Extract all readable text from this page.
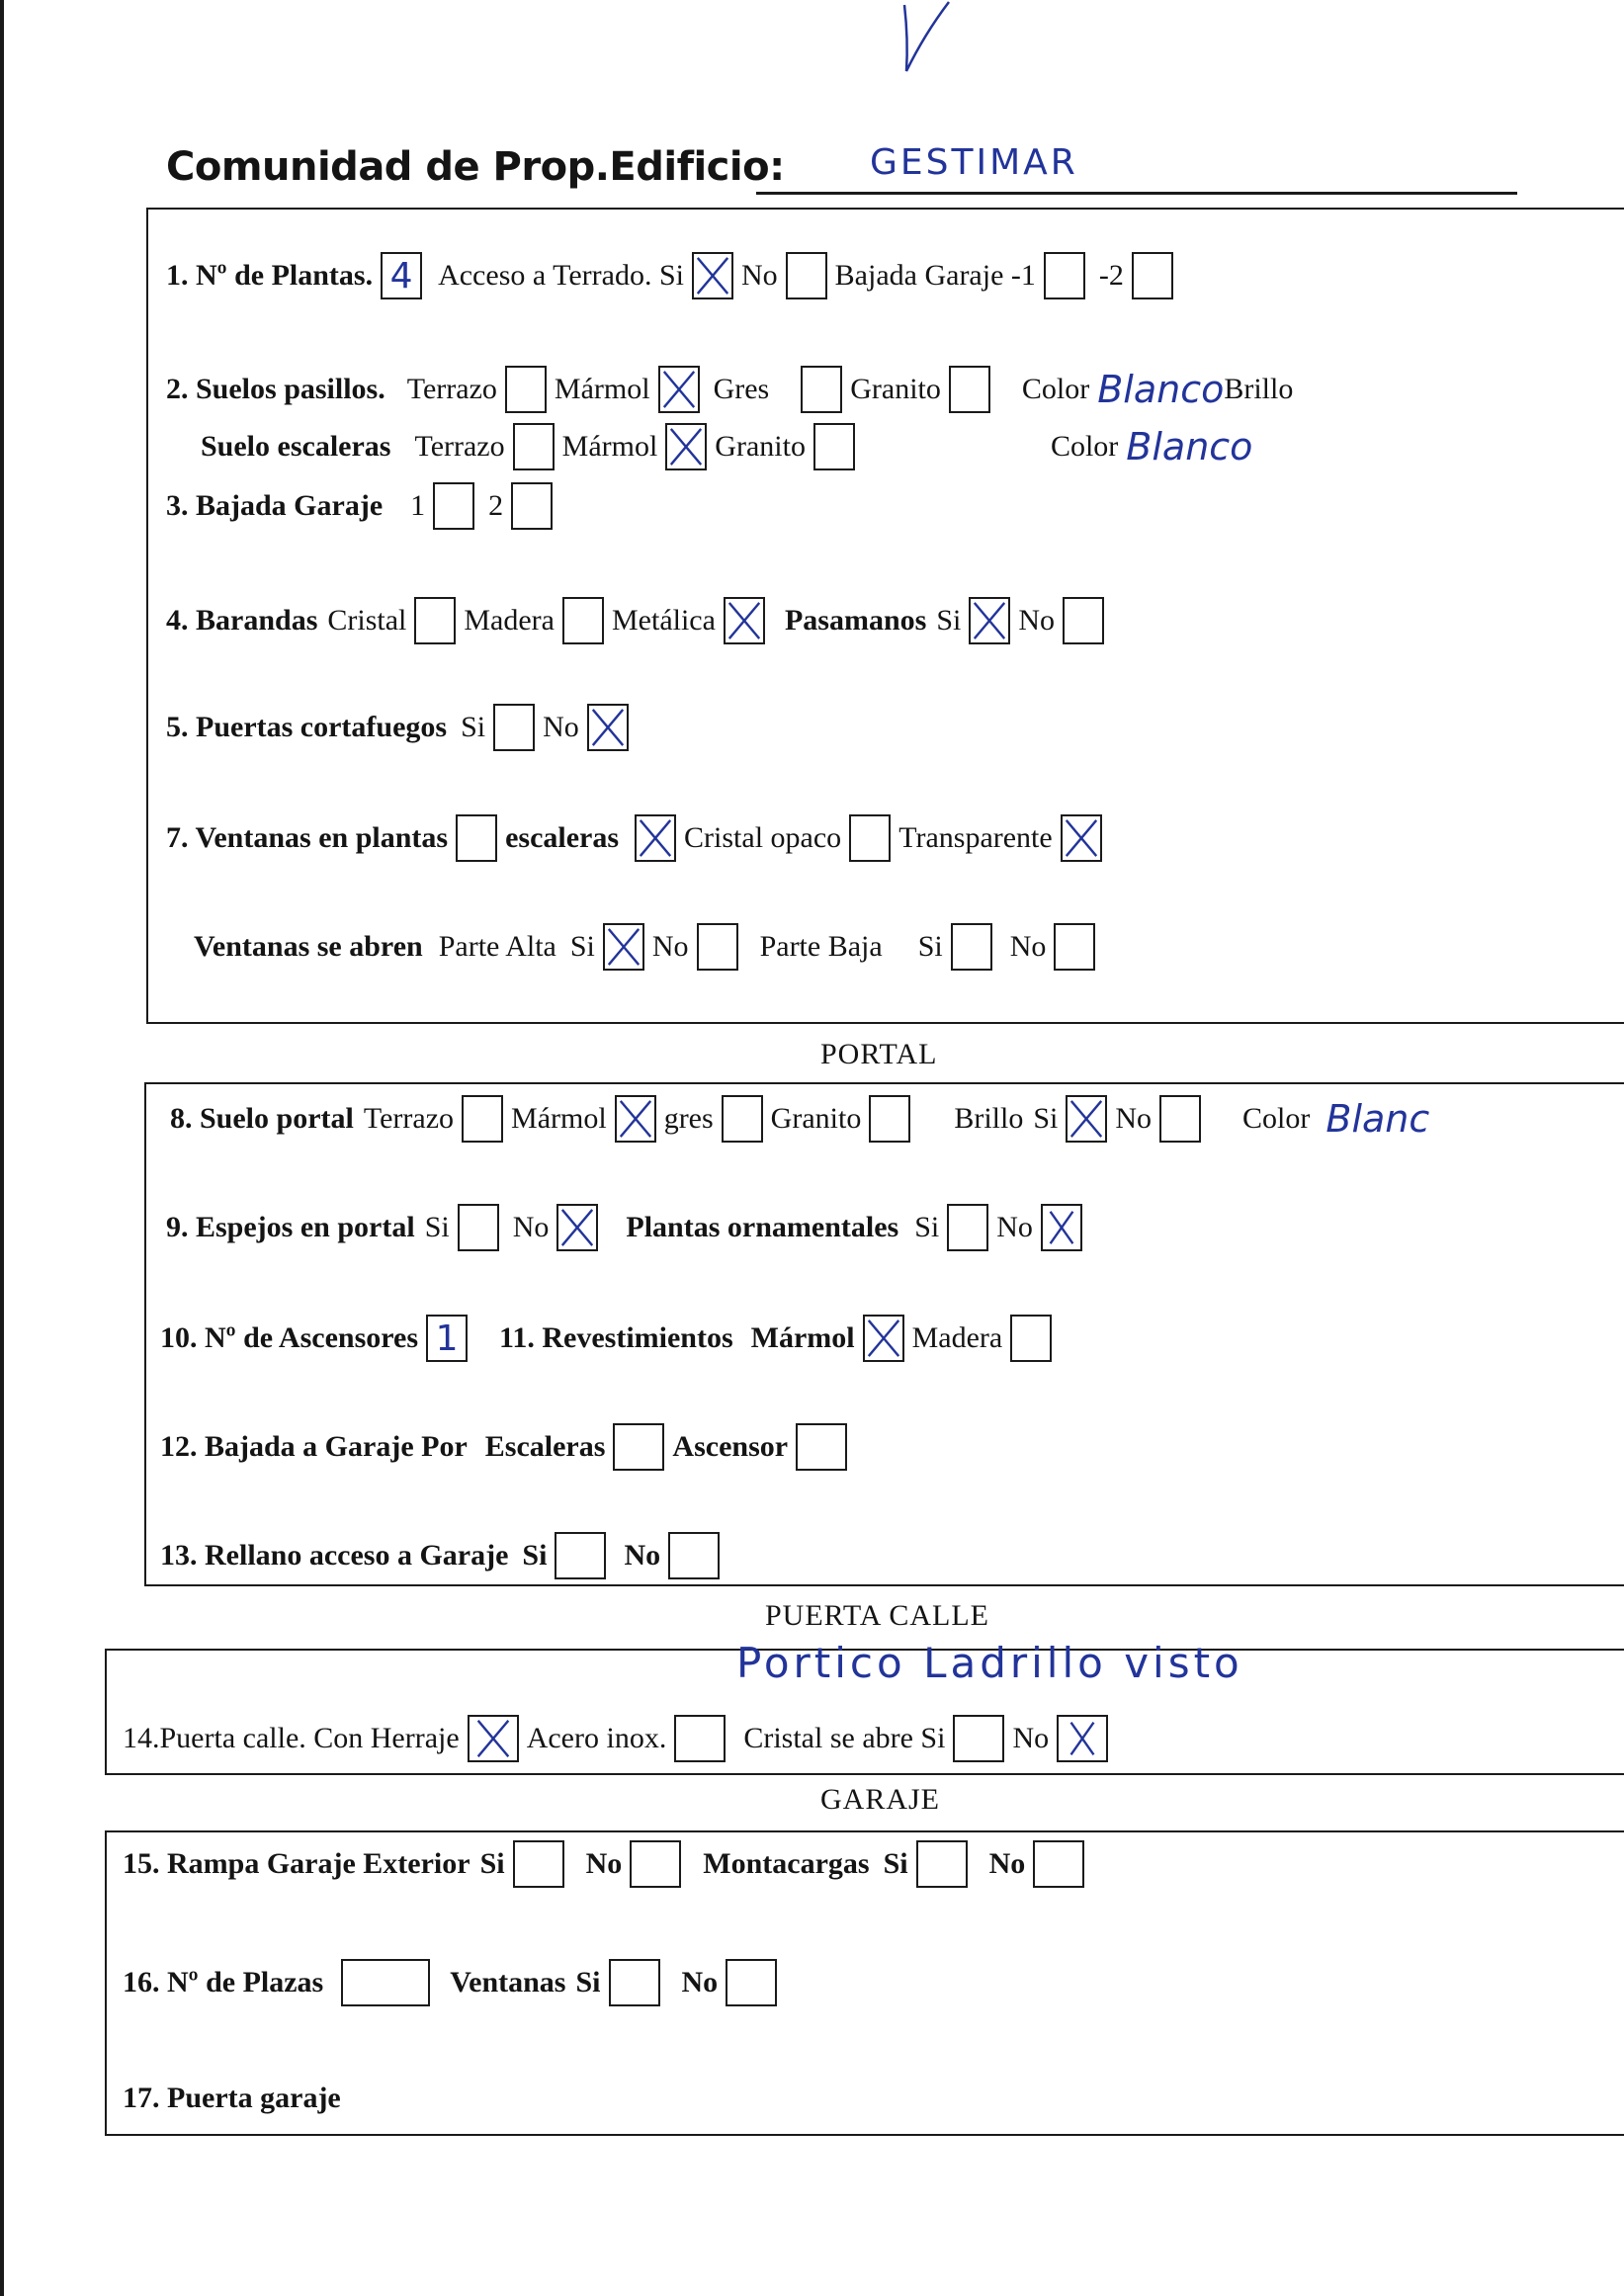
Comunidad de Prop.Edificio: GESTIMAR
1. Nº de Plantas. 4 Acceso a Terrado. Si No Bajada Garaje -1 -2
2. Suelos pasillos. Terrazo Mármol Gres	Granito	Color Blanco Brillo
Suelo escaleras Terrazo Mármol Granito	Color Blanco
3. Bajada Garaje 1 2
4. Barandas Cristal Madera Metálica Pasamanos Si No
5. Puertas cortafuegos Si No
7. Ventanas en plantas escaleras Cristal opaco Transparente
Ventanas se abren Parte Alta Si No Parte Baja Si No
PORTAL
8. Suelo portal Terrazo Mármol gres Granito	Brillo Si No	Color Blanc
9. Espejos en portal Si No	Plantas ornamentales Si No
10. Nº de Ascensores 1 11. Revestimientos Mármol Madera
12. Bajada a Garaje Por Escaleras Ascensor
13. Rellano acceso a Garaje Si	No
PUERTA CALLE
Portico Ladrillo visto
14.Puerta calle. Con Herraje Acero inox.	Cristal se abre Si No
GARAJE
15. Rampa Garaje Exterior Si	No	Montacargas Si	No
16. Nº de Plazas	Ventanas Si	No
17. Puerta garaje
